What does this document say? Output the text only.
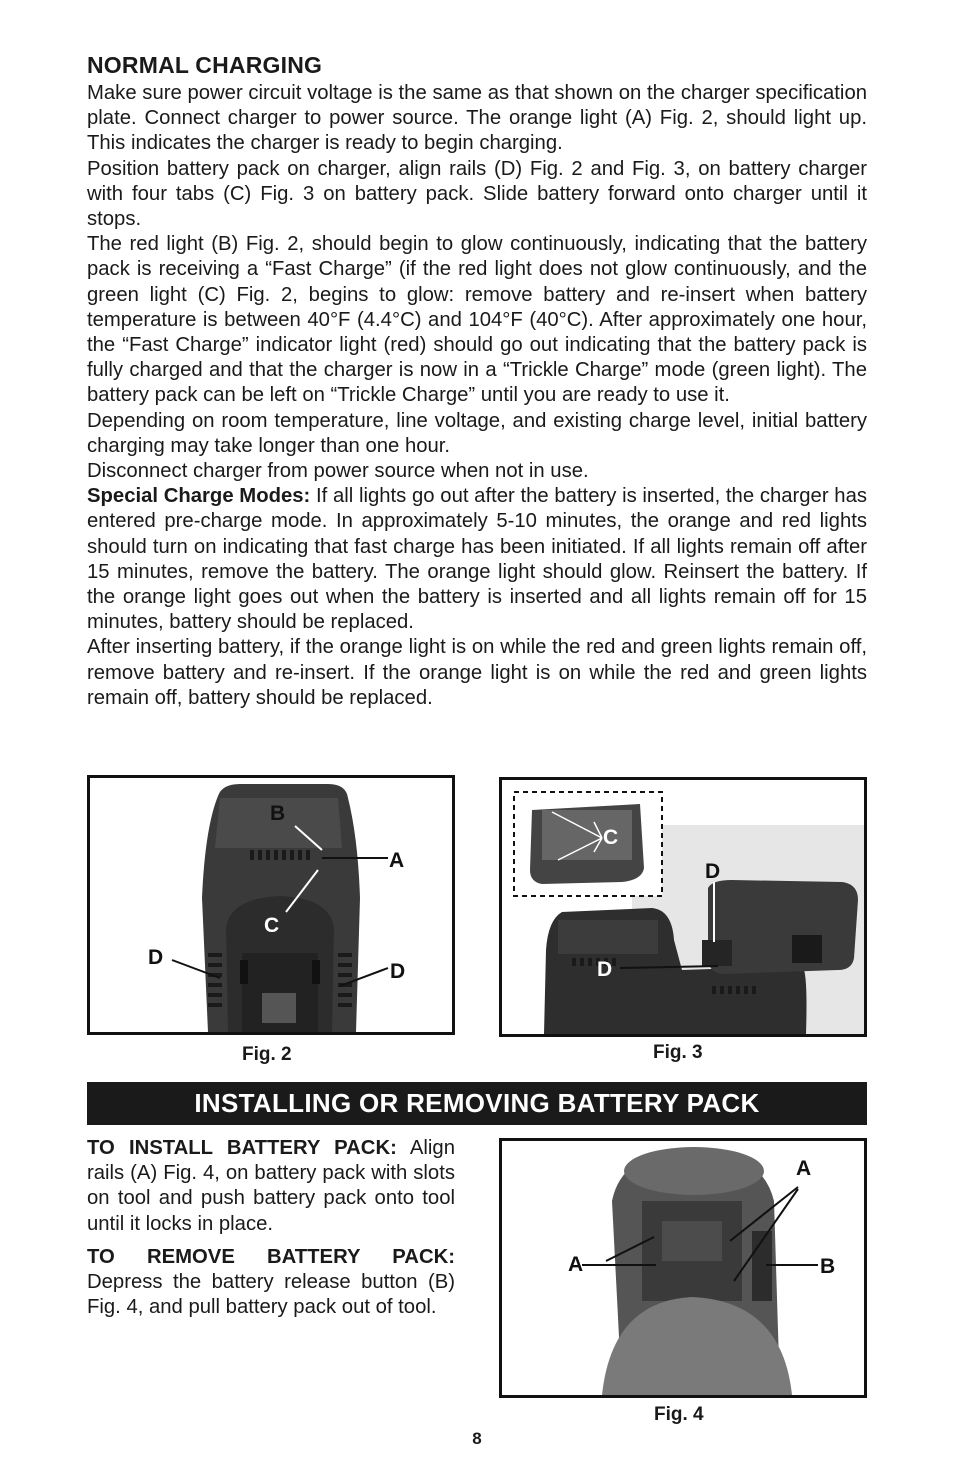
NORMAL CHARGING

Make sure power circuit voltage is the same as that shown on the charger specification plate. Connect charger to power source. The orange light (A) Fig. 2, should light up. This indicates the charger is ready to begin charging.

Position battery pack on charger, align rails (D) Fig. 2 and Fig. 3, on battery charger with four tabs (C) Fig. 3 on battery pack. Slide battery forward onto charger until it stops.

The red light (B) Fig. 2, should begin to glow continuously, indicating that the battery pack is receiving a “Fast Charge” (if the red light does not glow continuously, and the green light (C) Fig. 2, begins to glow: remove battery and re-insert when battery temperature is between 40°F (4.4°C) and 104°F (40°C). After approximately one hour, the “Fast Charge” indicator light (red) should go out indicating that the battery pack is fully charged and that the charger is now in a “Trickle Charge” mode (green light). The battery pack can be left on “Trickle Charge” until you are ready to use it.

Depending on room temperature, line voltage, and existing charge level, initial battery charging may take longer than one hour.

Disconnect charger from power source when not in use.

Special Charge Modes: If all lights go out after the battery is inserted, the charger has entered pre-charge mode. In approximately 5-10 minutes, the orange and red lights should turn on indicating that fast charge has been initiated. If all lights remain off after 15 minutes, remove the battery. The orange light should glow. Reinsert the battery. If the orange light goes out when the battery is inserted and all lights remain off for 15 minutes, battery should be replaced.

After inserting battery, if the orange light is on while the red and green lights remain off, remove battery and re-insert. If the orange light is on while the red and green lights remain off, battery should be replaced.

B
A
C
D
D
Fig. 2
C
D
D
Fig. 3
INSTALLING OR REMOVING BATTERY PACK

TO INSTALL BATTERY PACK: Align rails (A) Fig. 4, on battery pack with slots on tool and push battery pack onto tool until it locks in place.

TO REMOVE BATTERY PACK: Depress the battery release button (B) Fig. 4, and pull battery pack out of tool.

A
A	B
Fig. 4
8
